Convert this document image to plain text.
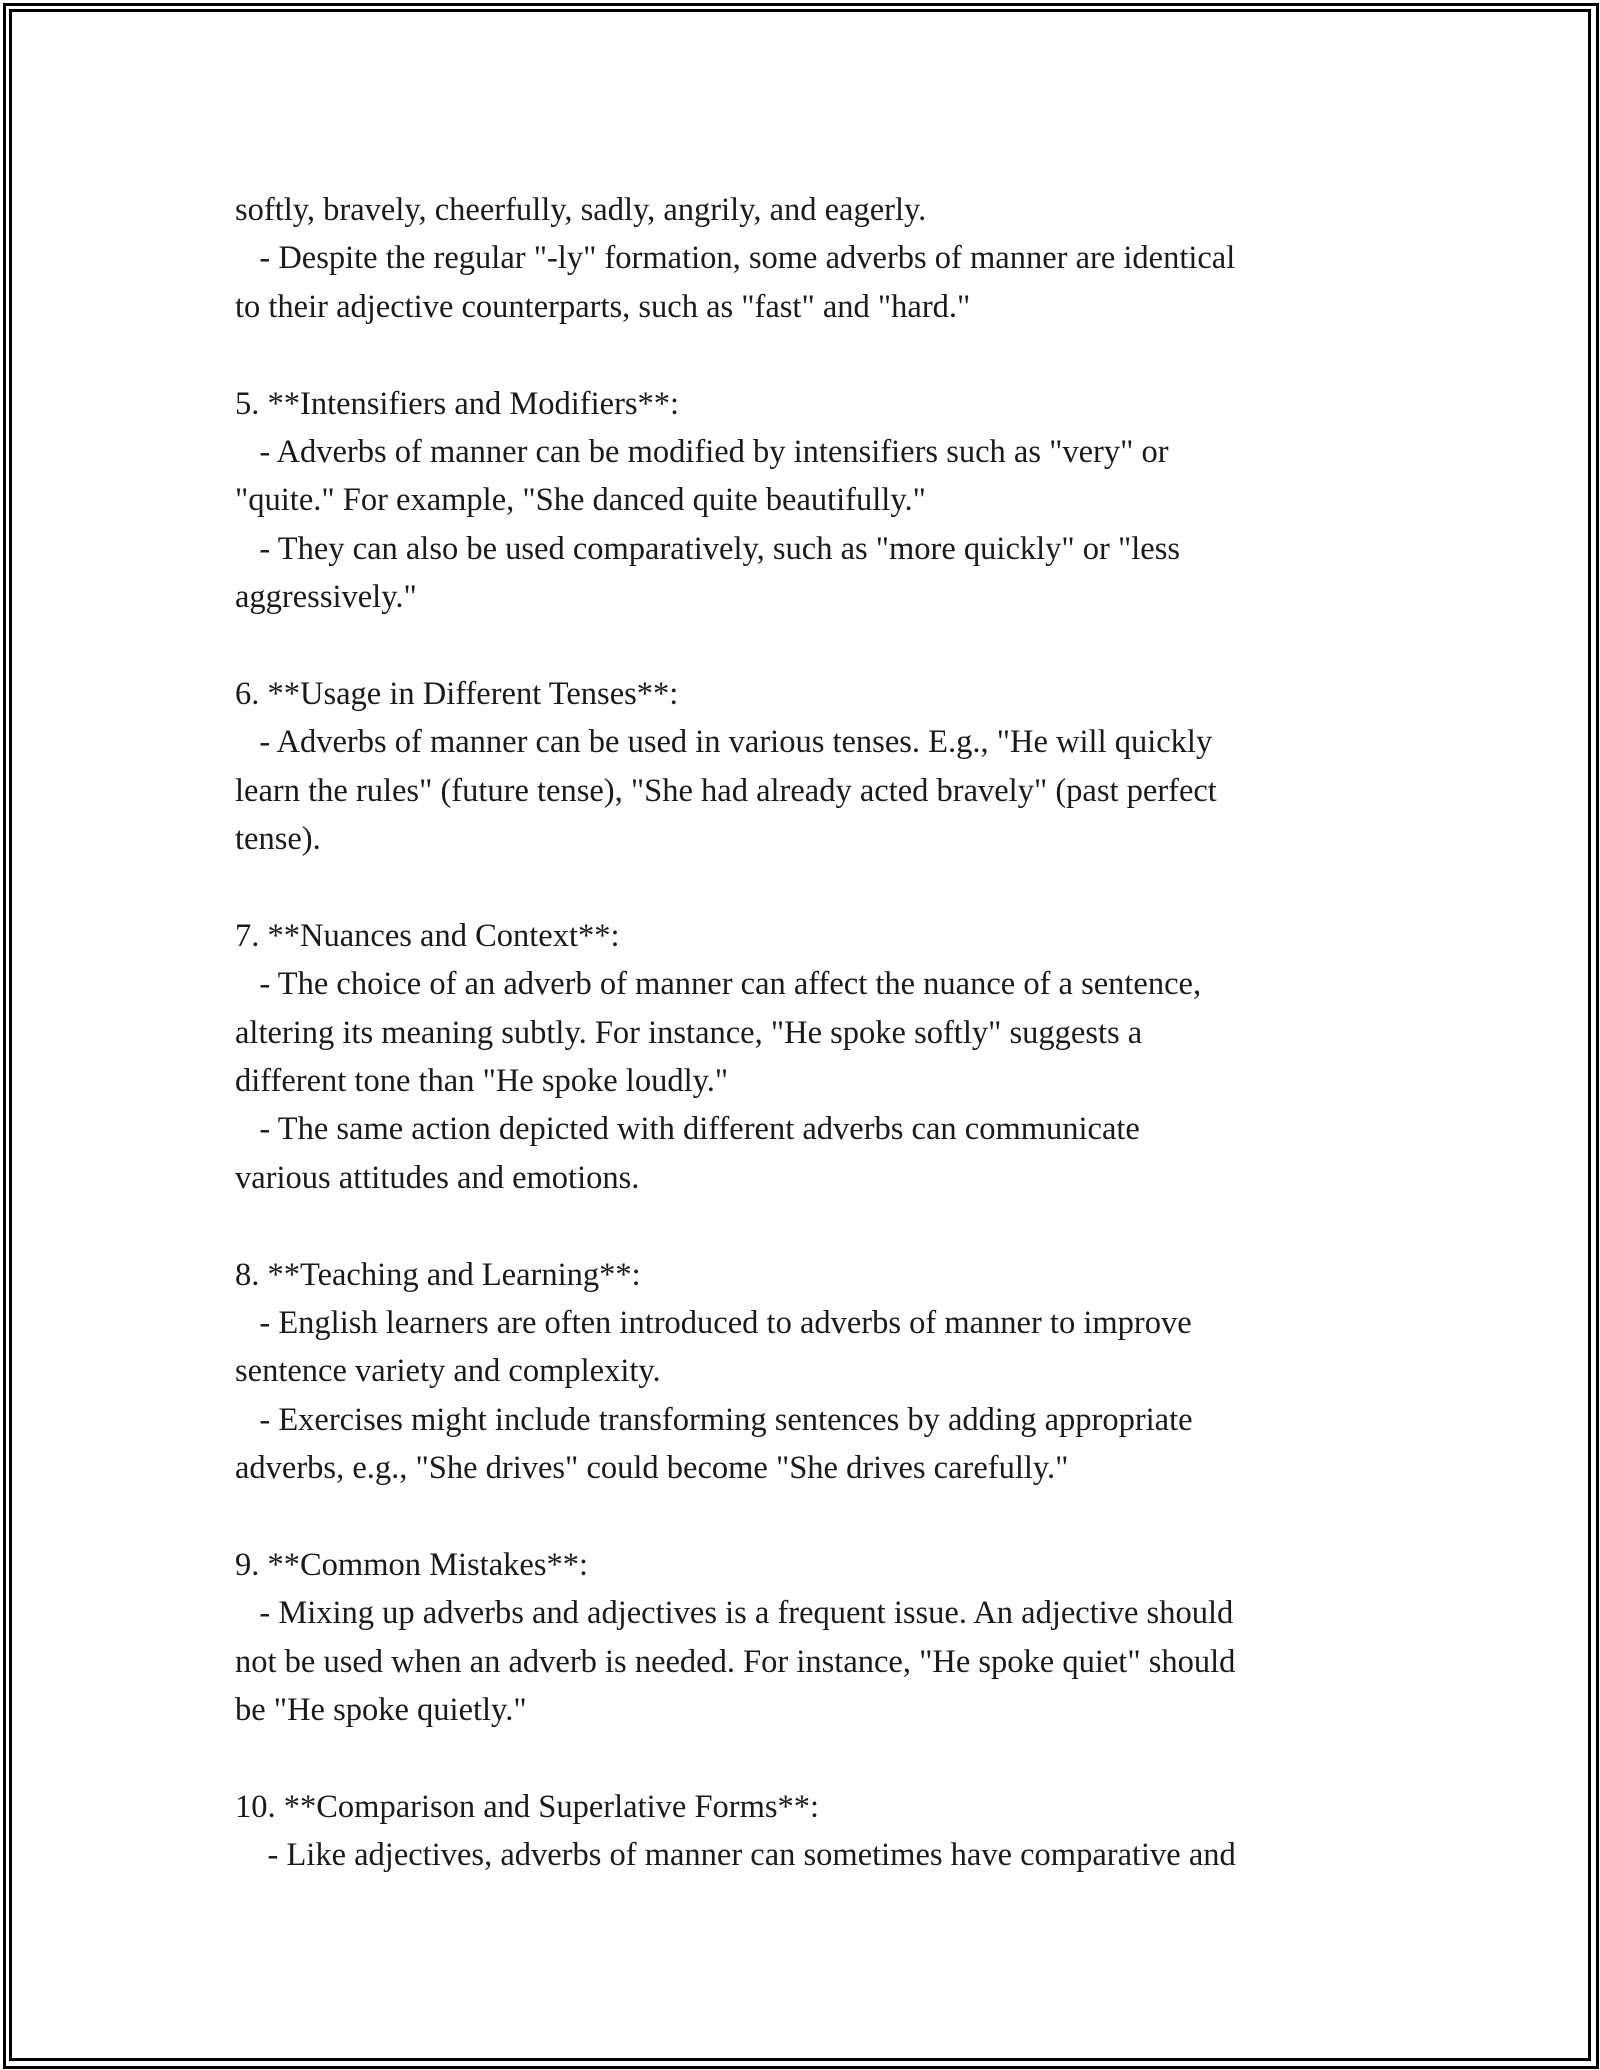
softly, bravely, cheerfully, sadly, angrily, and eagerly.
- Despite the regular "-ly" formation, some adverbs of manner are identical
to their adjective counterparts, such as "fast" and "hard."
5. **Intensifiers and Modifiers**:
- Adverbs of manner can be modified by intensifiers such as "very" or
"quite." For example, "She danced quite beautifully."
- They can also be used comparatively, such as "more quickly" or "less
aggressively."
6. **Usage in Different Tenses**:
- Adverbs of manner can be used in various tenses. E.g., "He will quickly
learn the rules" (future tense), "She had already acted bravely" (past perfect
tense).
7. **Nuances and Context**:
- The choice of an adverb of manner can affect the nuance of a sentence,
altering its meaning subtly. For instance, "He spoke softly" suggests a
different tone than "He spoke loudly."
- The same action depicted with different adverbs can communicate
various attitudes and emotions.
8. **Teaching and Learning**:
- English learners are often introduced to adverbs of manner to improve
sentence variety and complexity.
- Exercises might include transforming sentences by adding appropriate
adverbs, e.g., "She drives" could become "She drives carefully."
9. **Common Mistakes**:
- Mixing up adverbs and adjectives is a frequent issue. An adjective should
not be used when an adverb is needed. For instance, "He spoke quiet" should
be "He spoke quietly."
10. **Comparison and Superlative Forms**:
- Like adjectives, adverbs of manner can sometimes have comparative and
